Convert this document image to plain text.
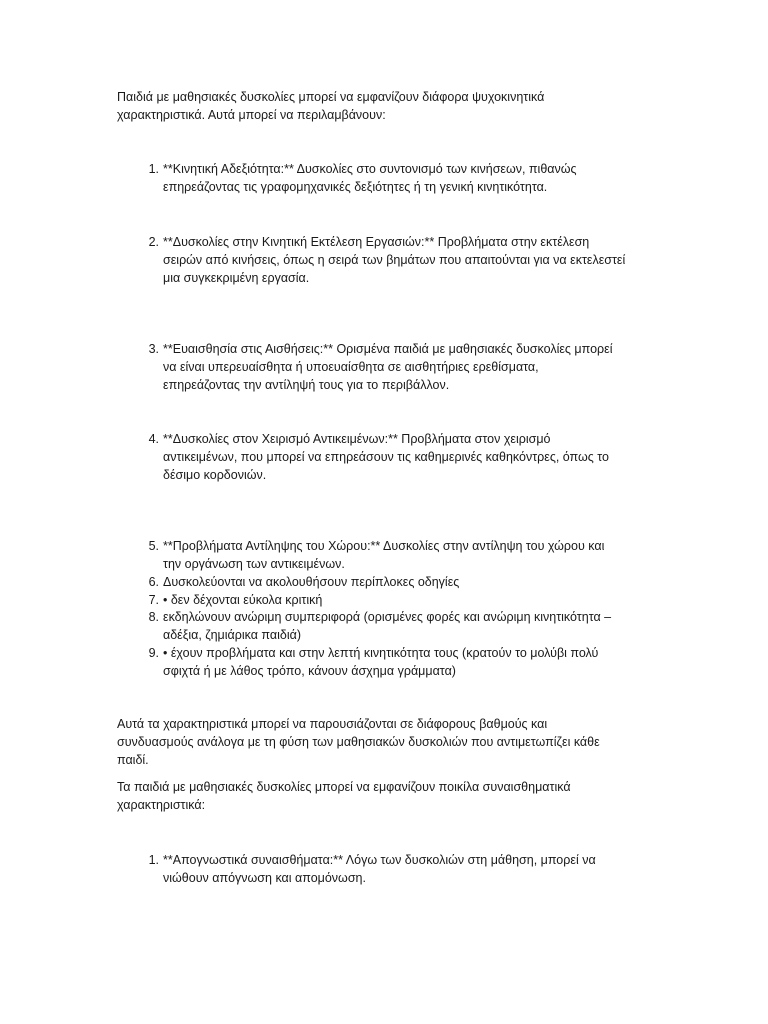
Παιδιά με μαθησιακές δυσκολίες μπορεί να εμφανίζουν διάφορα ψυχοκινητικά
χαρακτηριστικά. Αυτά μπορεί να περιλαμβάνουν:
1. **Κινητική Αδεξιότητα:** Δυσκολίες στο συντονισμό των κινήσεων, πιθανώς
επηρεάζοντας τις γραφομηχανικές δεξιότητες ή τη γενική κινητικότητα.
2. **Δυσκολίες στην Κινητική Εκτέλεση Εργασιών:** Προβλήματα στην εκτέλεση
σειρών από κινήσεις, όπως η σειρά των βημάτων που απαιτούνται για να εκτελεστεί
μια συγκεκριμένη εργασία.
3. **Ευαισθησία στις Αισθήσεις:** Ορισμένα παιδιά με μαθησιακές δυσκολίες μπορεί
να είναι υπερευαίσθητα ή υποευαίσθητα σε αισθητήριες ερεθίσματα,
επηρεάζοντας την αντίληψή τους για το περιβάλλον.
4. **Δυσκολίες στον Χειρισμό Αντικειμένων:** Προβλήματα στον χειρισμό
αντικειμένων, που μπορεί να επηρεάσουν τις καθημερινές καθηκόντρες, όπως το
δέσιμο κορδονιών.
5. **Προβλήματα Αντίληψης του Χώρου:** Δυσκολίες στην αντίληψη του χώρου και
την οργάνωση των αντικειμένων.
6. Δυσκολεύονται να ακολουθήσουν περίπλοκες οδηγίες
7. • δεν δέχονται εύκολα κριτική
8. εκδηλώνουν ανώριμη συμπεριφορά (ορισμένες φορές και ανώριμη κινητικότητα –
αδέξια, ζημιάρικα παιδιά)
9. • έχουν προβλήματα και στην λεπτή κινητικότητα τους (κρατούν το μολύβι πολύ
σφιχτά ή με λάθος τρόπο, κάνουν άσχημα γράμματα)
Αυτά τα χαρακτηριστικά μπορεί να παρουσιάζονται σε διάφορους βαθμούς και
συνδυασμούς ανάλογα με τη φύση των μαθησιακών δυσκολιών που αντιμετωπίζει κάθε
παιδί.
Τα παιδιά με μαθησιακές δυσκολίες μπορεί να εμφανίζουν ποικίλα συναισθηματικά
χαρακτηριστικά:
1. **Απογνωστικά συναισθήματα:** Λόγω των δυσκολιών στη μάθηση, μπορεί να
νιώθουν απόγνωση και απομόνωση.
